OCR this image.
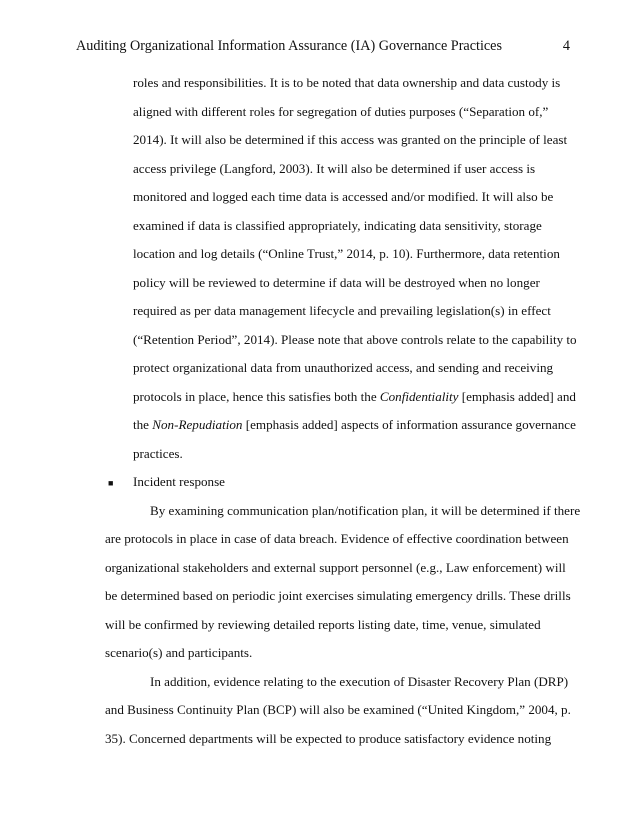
Auditing Organizational Information Assurance (IA) Governance Practices	4
roles and responsibilities. It is to be noted that data ownership and data custody is
aligned with different roles for segregation of duties purposes (“Separation of,”
2014). It will also be determined if this access was granted on the principle of least
access privilege (Langford, 2003). It will also be determined if user access is
monitored and logged each time data is accessed and/or modified. It will also be
examined if data is classified appropriately, indicating data sensitivity, storage
location and log details (“Online Trust,” 2014, p. 10). Furthermore, data retention
policy will be reviewed to determine if data will be destroyed when no longer
required as per data management lifecycle and prevailing legislation(s) in effect
(“Retention Period”, 2014). Please note that above controls relate to the capability to
protect organizational data from unauthorized access, and sending and receiving
protocols in place, hence this satisfies both the Confidentiality [emphasis added] and
the Non-Repudiation [emphasis added] aspects of information assurance governance
practices.
■ Incident response
By examining communication plan/notification plan, it will be determined if there
are protocols in place in case of data breach. Evidence of effective coordination between
organizational stakeholders and external support personnel (e.g., Law enforcement) will
be determined based on periodic joint exercises simulating emergency drills. These drills
will be confirmed by reviewing detailed reports listing date, time, venue, simulated
scenario(s) and participants.
In addition, evidence relating to the execution of Disaster Recovery Plan (DRP)
and Business Continuity Plan (BCP) will also be examined (“United Kingdom,” 2004, p.
35). Concerned departments will be expected to produce satisfactory evidence noting
